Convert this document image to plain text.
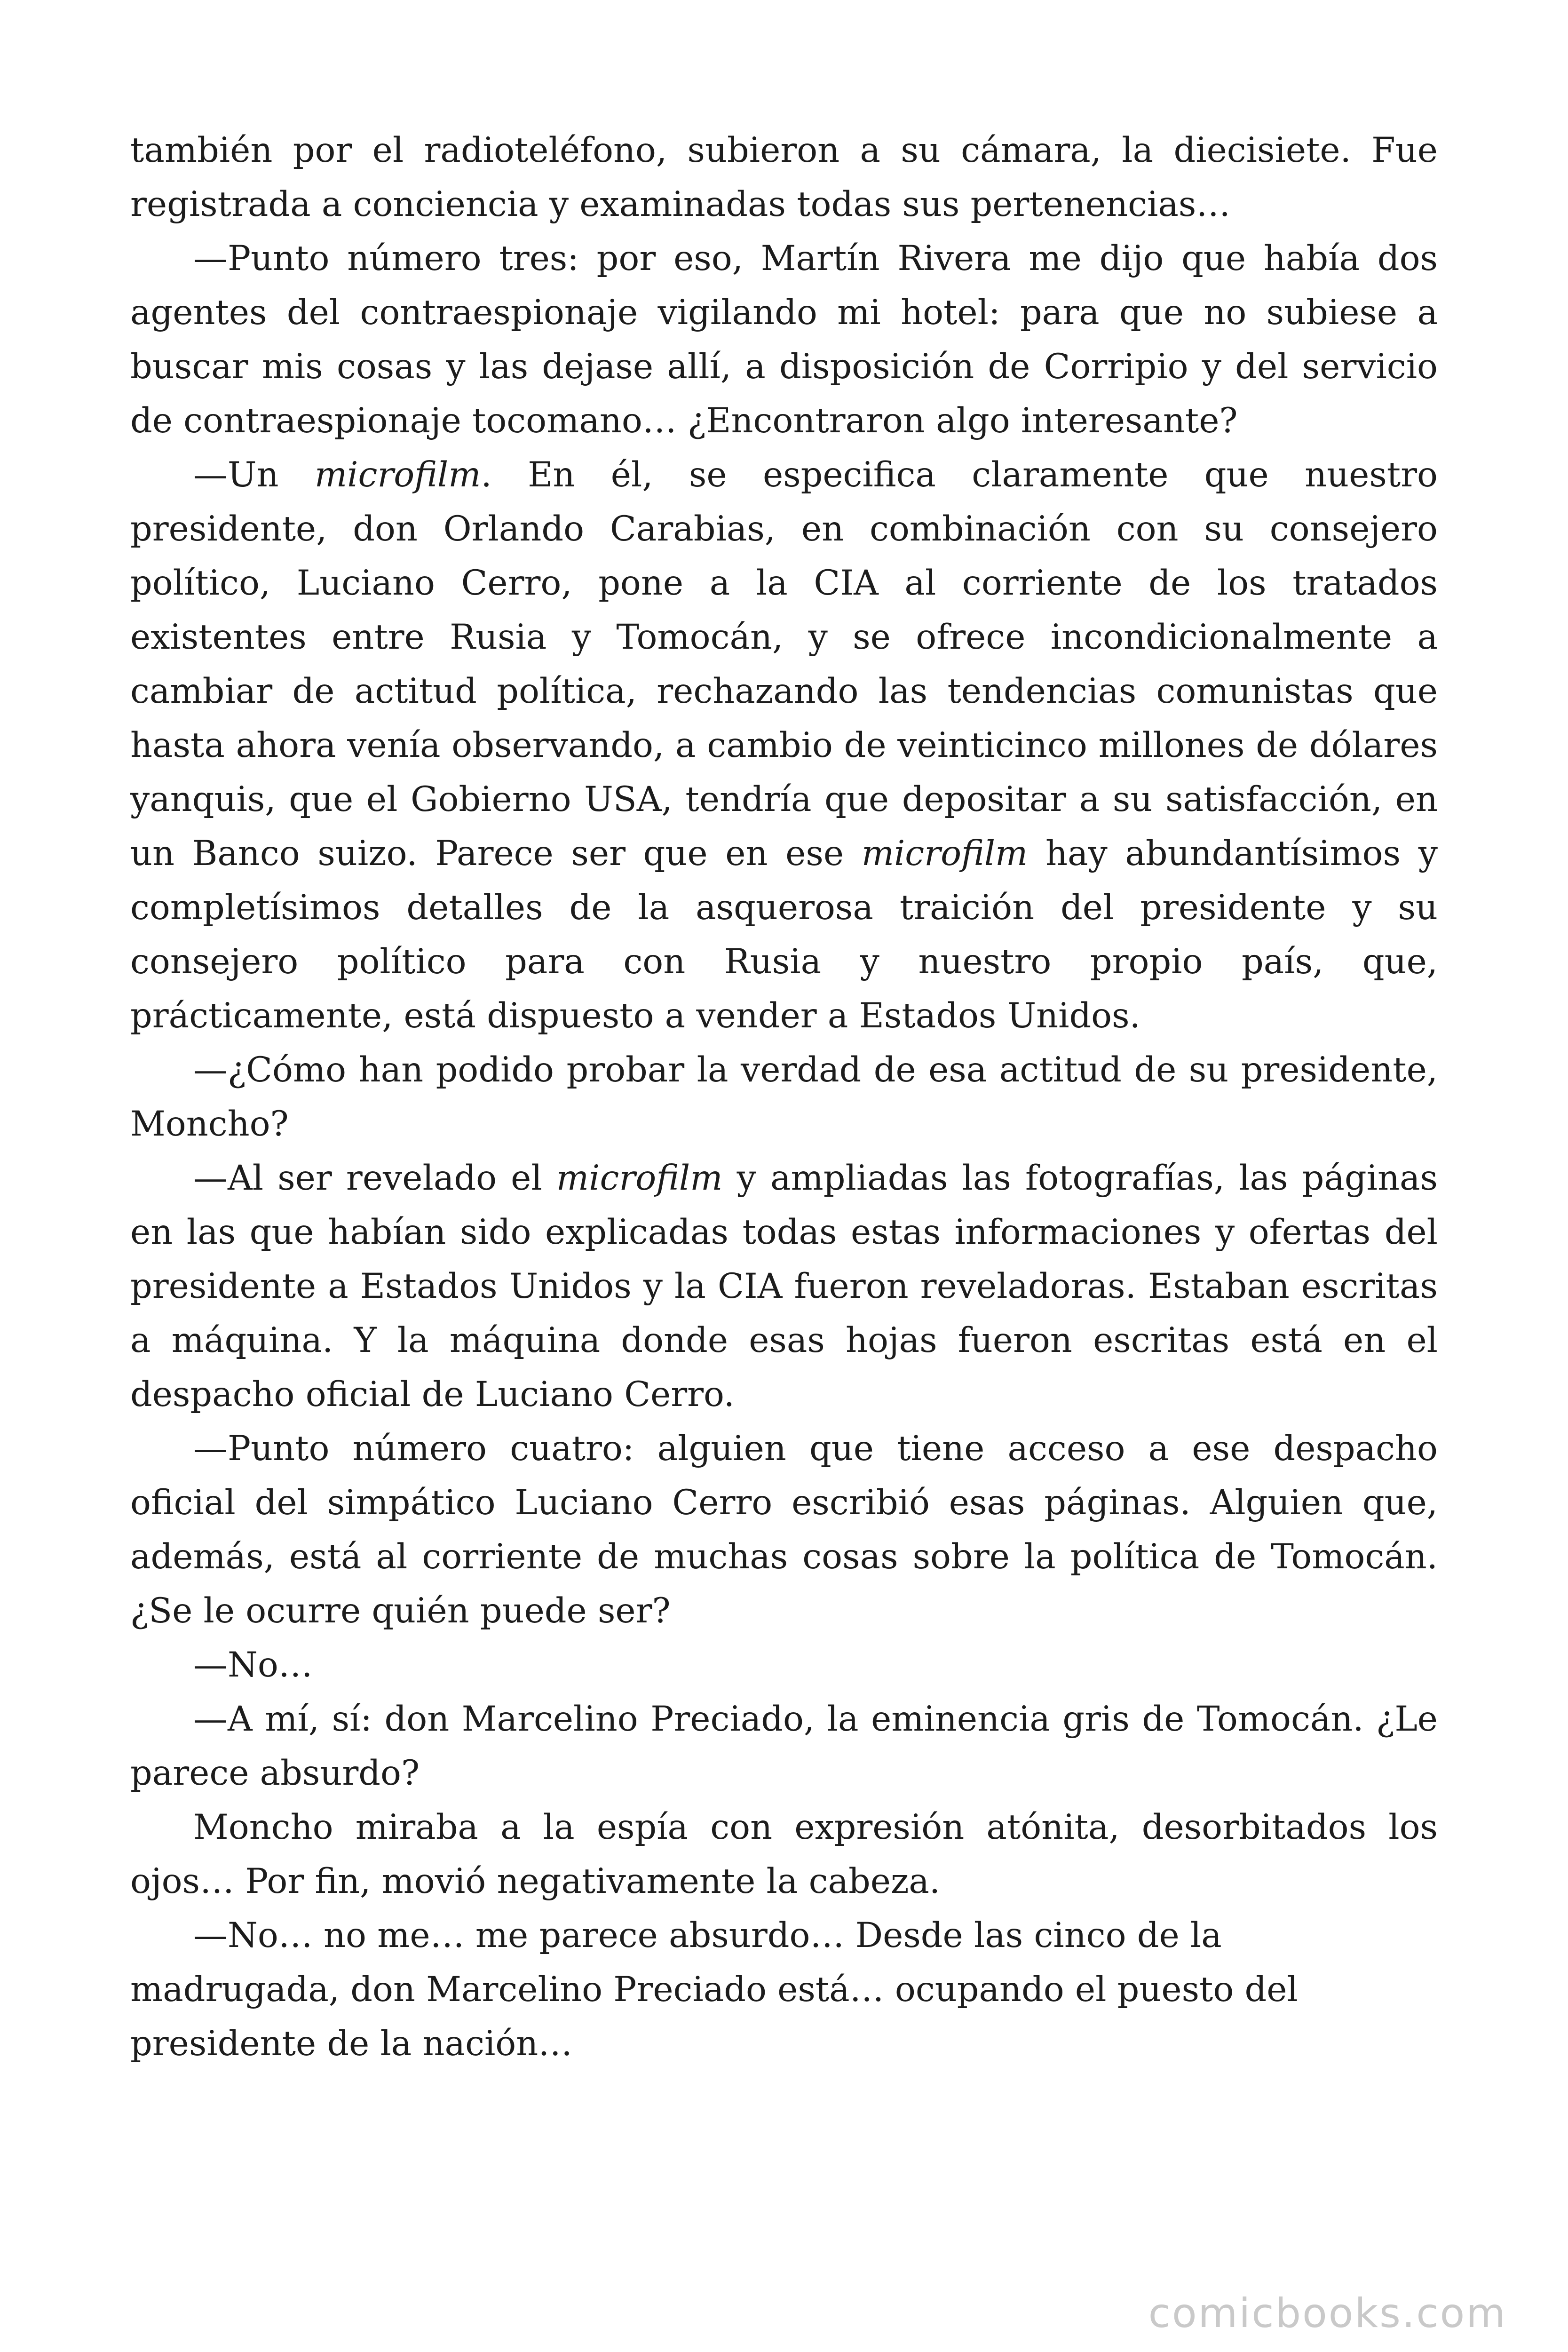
también por el radioteléfono, subieron a su cámara, la diecisiete. Fue registrada a conciencia y examinadas todas sus pertenencias…

—Punto número tres: por eso, Martín Rivera me dijo que había dos agentes del contraespionaje vigilando mi hotel: para que no subiese a buscar mis cosas y las dejase allí, a disposición de Corripio y del servicio de contraespionaje tocomano… ¿Encontraron algo interesante?

—Un microfilm. En él, se especifica claramente que nuestro presidente, don Orlando Carabias, en combinación con su consejero político, Luciano Cerro, pone a la CIA al corriente de los tratados existentes entre Rusia y Tomocán, y se ofrece incondicionalmente a cambiar de actitud política, rechazando las tendencias comunistas que hasta ahora venía observando, a cambio de veinticinco millones de dólares yanquis, que el Gobierno USA, tendría que depositar a su satisfacción, en un Banco suizo. Parece ser que en ese microfilm hay abundantísimos y completísimos detalles de la asquerosa traición del presidente y su consejero político para con Rusia y nuestro propio país, que, prácticamente, está dispuesto a vender a Estados Unidos.

—¿Cómo han podido probar la verdad de esa actitud de su presidente, Moncho?

—Al ser revelado el microfilm y ampliadas las fotografías, las páginas en las que habían sido explicadas todas estas informaciones y ofertas del presidente a Estados Unidos y la CIA fueron reveladoras. Estaban escritas a máquina. Y la máquina donde esas hojas fueron escritas está en el despacho oficial de Luciano Cerro.

—Punto número cuatro: alguien que tiene acceso a ese despacho oficial del simpático Luciano Cerro escribió esas páginas. Alguien que, además, está al corriente de muchas cosas sobre la política de Tomocán. ¿Se le ocurre quién puede ser?

—No…

—A mí, sí: don Marcelino Preciado, la eminencia gris de Tomocán. ¿Le parece absurdo?

Moncho miraba a la espía con expresión atónita, desorbitados los ojos… Por fin, movió negativamente la cabeza.

—No… no me… me parece absurdo… Desde las cinco de la madrugada, don Marcelino Preciado está… ocupando el puesto del presidente de la nación…

comicbooks.com
